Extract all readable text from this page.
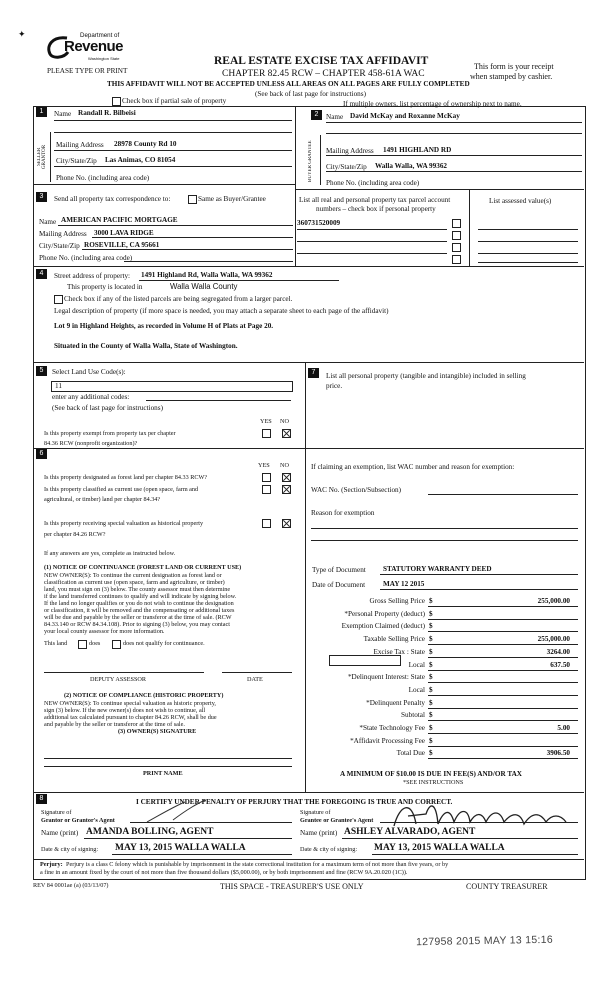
✦	Department of
Revenue
Washington State
PLEASE TYPE OR PRINT
REAL ESTATE EXCISE TAX AFFIDAVIT
CHAPTER 82.45 RCW – CHAPTER 458-61A WAC
THIS AFFIDAVIT WILL NOT BE ACCEPTED UNLESS ALL AREAS ON ALL PAGES ARE FULLY COMPLETED
(See back of last page for instructions)
This form is your receipt
when stamped by cashier.
Check box if partial sale of property	If multiple owners, list percentage of ownership next to name.
1	Name Randall R. Bilbeisi
SELLER GRANTOR Mailing Address 28978 County Rd 10
City/State/Zip Las Animas, CO 81054
Phone No. (including area code)
2	Name David McKay and Roxanne McKay
BUYER GRANTEE Mailing Address 1491 HIGHLAND RD
City/State/Zip Walla Walla, WA 99362
Phone No. (including area code)
3	Send all property tax correspondence to:	Same as Buyer/Grantee
Name AMERICAN PACIFIC MORTGAGE
Mailing Address 3000 LAVA RIDGE
City/State/Zip ROSEVILLE, CA 95661
Phone No. (including area code)
List all real and personal property tax parcel account
numbers – check box if personal property
List assessed value(s)
360731520009
4	Street address of property: 1491 Highland Rd, Walla Walla, WA 99362
This property is located in	Walla Walla County
Check box if any of the listed parcels are being segregated from a larger parcel.
Legal description of property (if more space is needed, you may attach a separate sheet to each page of the affidavit)
Lot 9 in Highland Heights, as recorded in Volume H of Plats at Page 20.
Situated in the County of Walla Walla, State of Washington.
5	Select Land Use Code(s):
11
enter any additional codes:
(See back of last page for instructions)
YES NO
Is this property exempt from property tax per chapter
84.36 RCW (nonprofit organization)?
6
YES NO
Is this property designated as forest land per chapter 84.33 RCW?
Is this property classified as current use (open space, farm and
agricultural, or timber) land per chapter 84.34?
Is this property receiving special valuation as historical property
per chapter 84.26 RCW?
If any answers are yes, complete as instructed below.
(1) NOTICE OF CONTINUANCE (FOREST LAND OR CURRENT USE)
NEW OWNER(S): To continue the current designation as forest land or
classification as current use (open space, farm and agriculture, or timber)
land, you must sign on (3) below. The county assessor must then determine
if the land transferred continues to qualify and will indicate by signing below.
If the land no longer qualifies or you do not wish to continue the designation
or classification, it will be removed and the compensating or additional taxes
will be due and payable by the seller or transferor at the time of sale. (RCW
84.33.140 or RCW 84.34.108). Prior to signing (3) below, you may contact
your local county assessor for more information.
This land	does	does not qualify for continuance.
DEPUTY ASSESSOR	DATE
(2) NOTICE OF COMPLIANCE (HISTORIC PROPERTY)
NEW OWNER(S): To continue special valuation as historic property,
sign (3) below. If the new owner(s) does not wish to continue, all
additional tax calculated pursuant to chapter 84.26 RCW, shall be due
and payable by the seller or transferor at the time of sale.
(3) OWNER(S) SIGNATURE
PRINT NAME
7	List all personal property (tangible and intangible) included in selling
price.
If claiming an exemption, list WAC number and reason for exemption:
WAC No. (Section/Subsection)
Reason for exemption
Type of Document STATUTORY WARRANTY DEED
Date of Document MAY 12 2015
Gross Selling Price $	255,000.00
*Personal Property (deduct) $
Exemption Claimed (deduct) $
Taxable Selling Price $	255,000.00
Excise Tax : State $	3264.00
Local $	637.50
*Delinquent Interest: State $
Local $
*Delinquent Penalty $
Subtotal $
*State Technology Fee $	5.00
*Affidavit Processing Fee $
Total Due $	3906.50
A MINIMUM OF $10.00 IS DUE IN FEE(S) AND/OR TAX
*SEE INSTRUCTIONS
8	I CERTIFY UNDER PENALTY OF PERJURY THAT THE FOREGOING IS TRUE AND CORRECT.
Signature of
Grantor or Grantor's Agent
Name (print) AMANDA BOLLING, AGENT
Date & city of signing: MAY 13, 2015 WALLA WALLA
Signature of
Grantee or Grantee's Agent
Name (print) ASHLEY ALVARADO, AGENT
Date & city of signing: MAY 13, 2015 WALLA WALLA
Perjury: Perjury is a class C felony which is punishable by imprisonment in the state correctional institution for a maximum term of not more than five years, or by
a fine in an amount fixed by the court of not more than five thousand dollars ($5,000.00), or by both imprisonment and fine (RCW 9A.20.020 (1C)).
REV 84 0001ae (a) (03/13/07)	THIS SPACE - TREASURER'S USE ONLY	COUNTY TREASURER
127958 2015 MAY 13 15:16
